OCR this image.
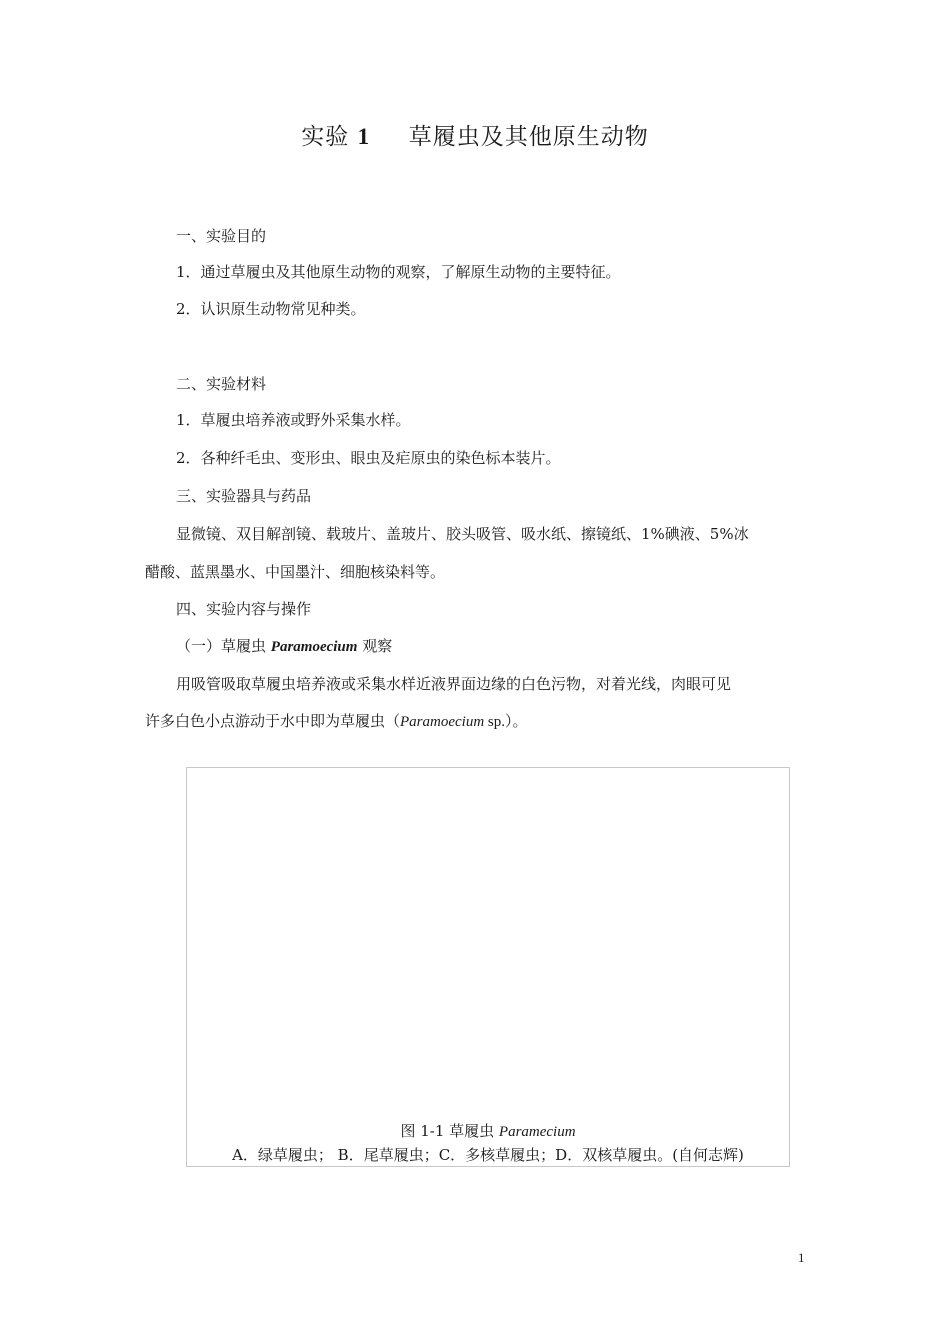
实验 1 草履虫及其他原生动物
一、实验目的
1．通过草履虫及其他原生动物的观察，了解原生动物的主要特征。
2．认识原生动物常见种类。
二、实验材料
1．草履虫培养液或野外采集水样。
2．各种纤毛虫、变形虫、眼虫及疟原虫的染色标本装片。
三、实验器具与药品
显微镜、双目解剖镜、载玻片、盖玻片、胶头吸管、吸水纸、擦镜纸、1%碘液、5%冰
醋酸、蓝黑墨水、中国墨汁、细胞核染料等。
四、实验内容与操作
（一）草履虫 Paramoecium 观察
用吸管吸取草履虫培养液或采集水样近液界面边缘的白色污物，对着光线，肉眼可见
许多白色小点游动于水中即为草履虫（Paramoecium sp.）。
图 1-1 草履虫 Paramecium
A．绿草履虫； B．尾草履虫；C．多核草履虫；D．双核草履虫。(自何志辉)
1
